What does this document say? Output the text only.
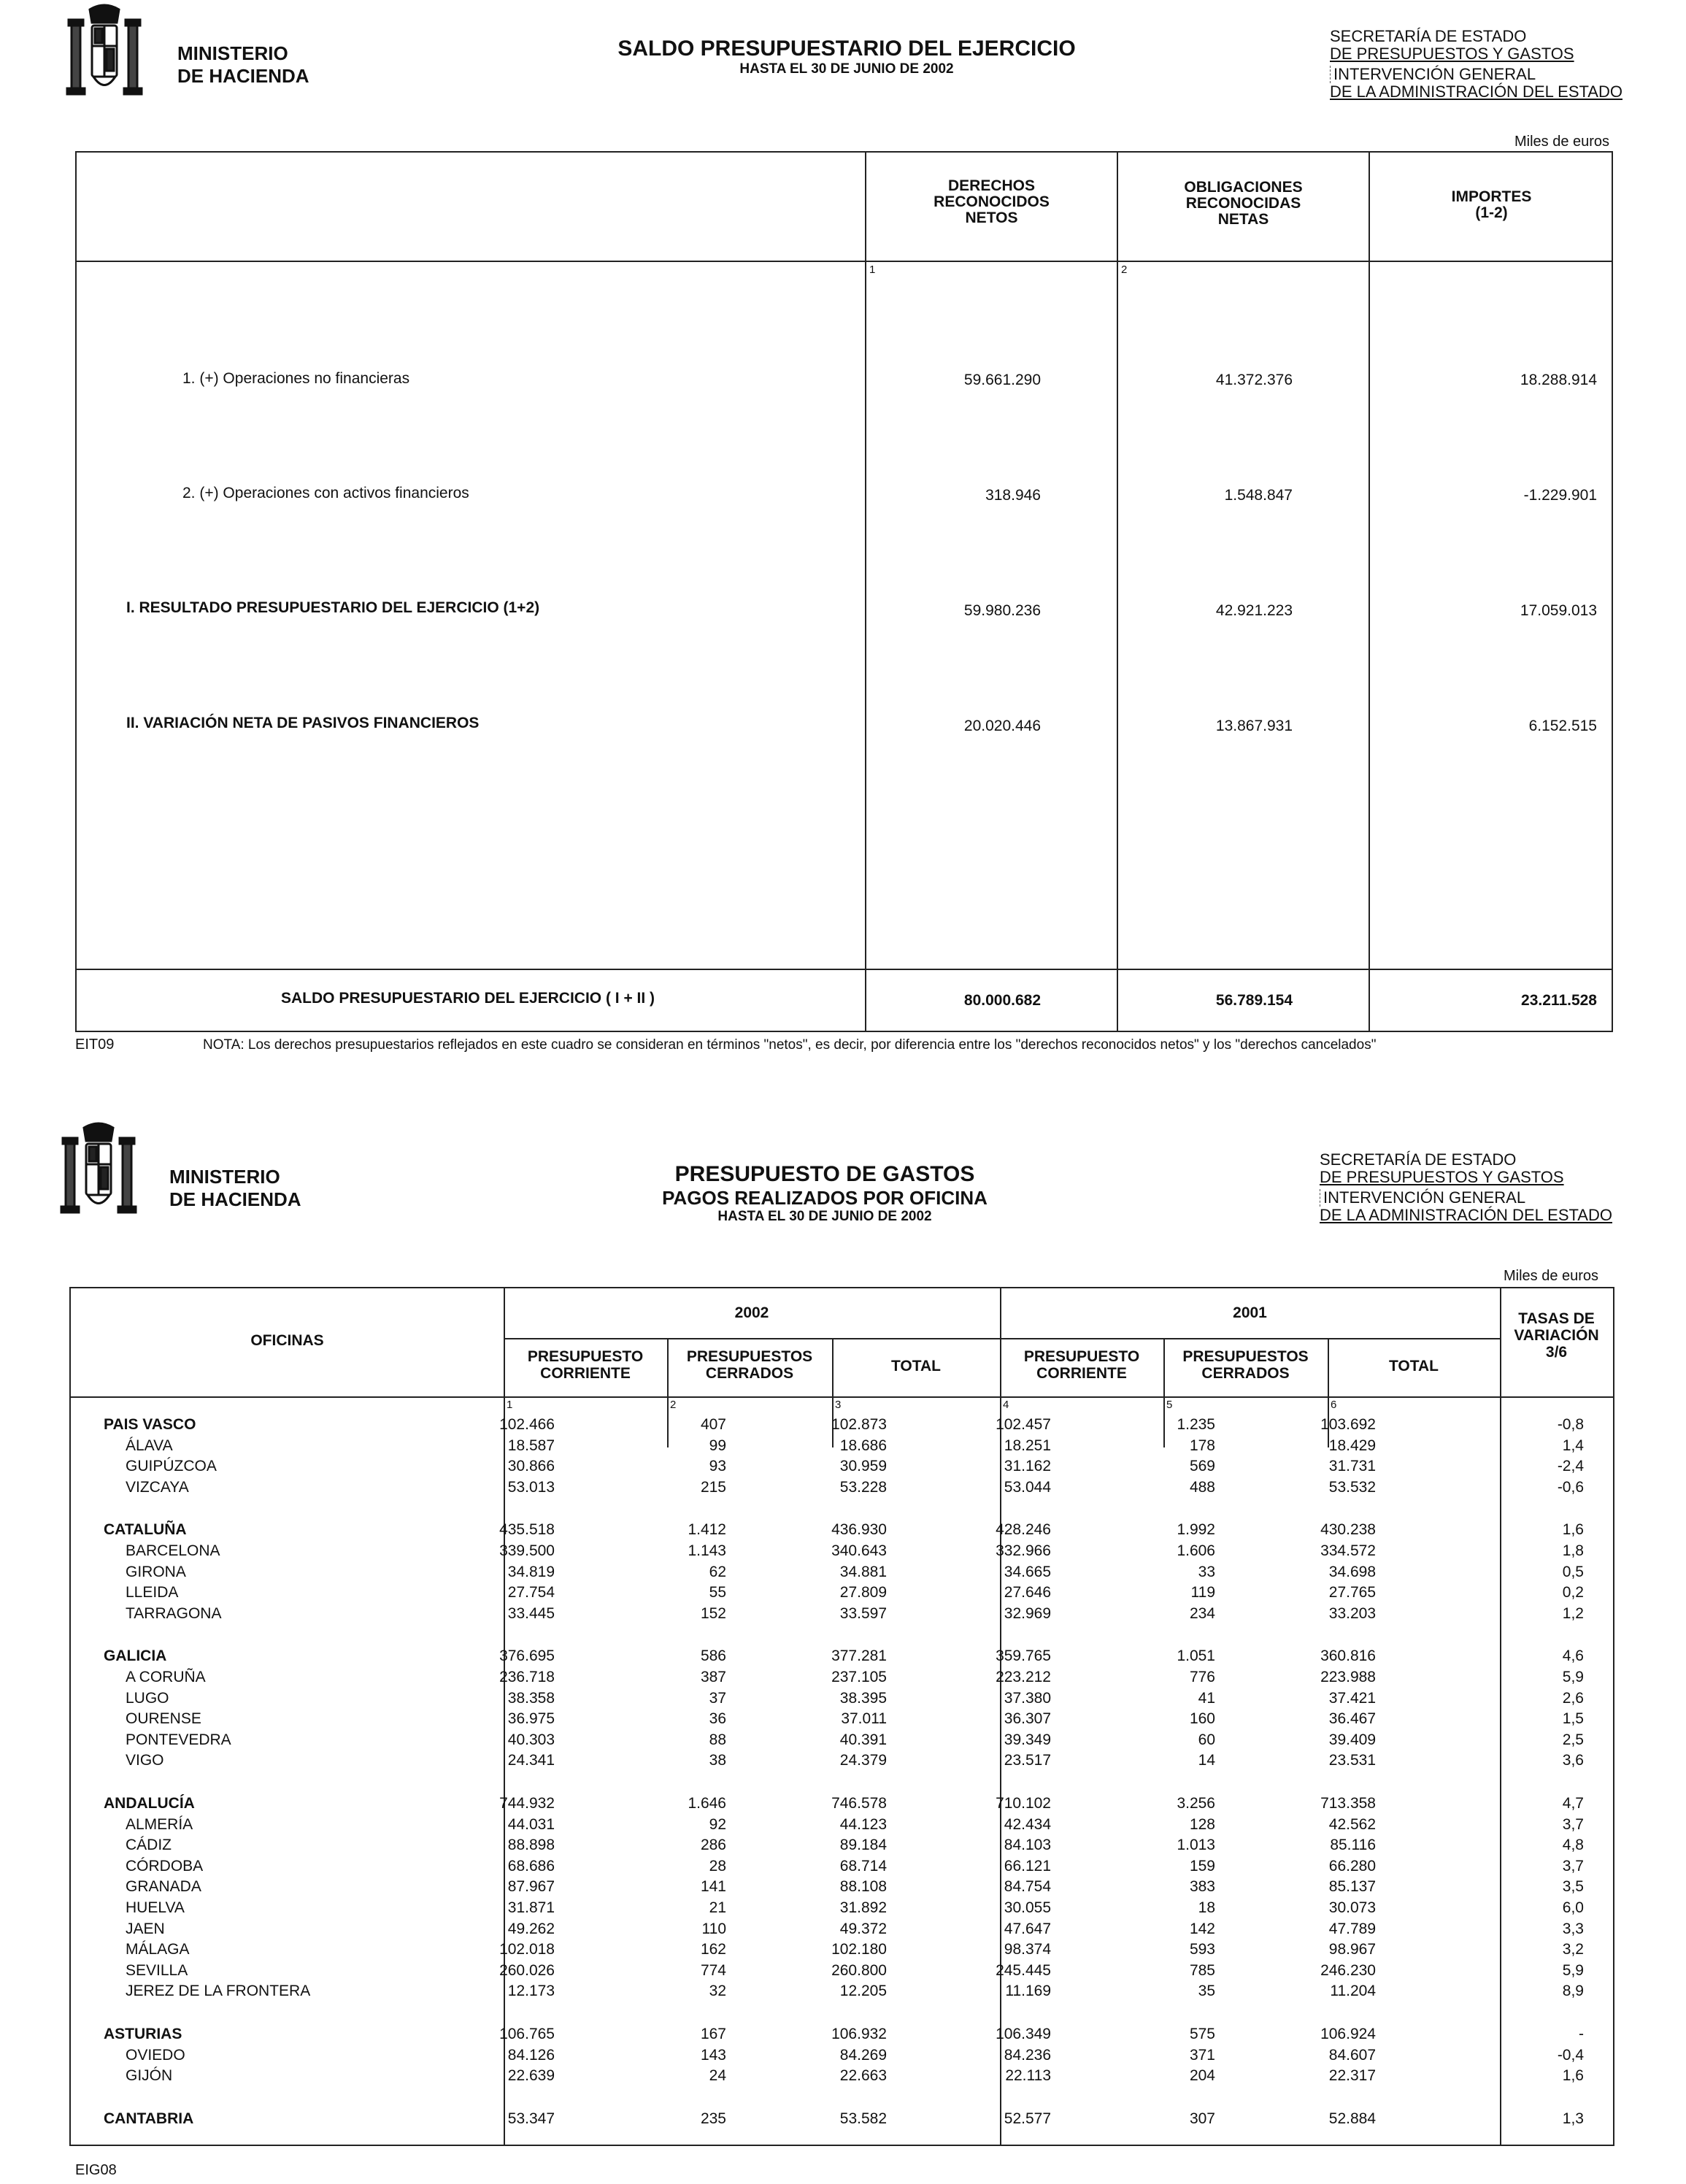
MINISTERIO
DE HACIENDA
SALDO PRESUPUESTARIO DEL EJERCICIO
HASTA EL 30 DE JUNIO DE 2002
SECRETARÍA DE ESTADO
DE PRESUPUESTOS Y GASTOS
INTERVENCIÓN GENERAL
DE LA ADMINISTRACIÓN DEL ESTADO
Miles de euros
DERECHOS
RECONOCIDOS
NETOS
OBLIGACIONES
RECONOCIDAS
NETAS
IMPORTES
(1-2)
1	2
1. (+) Operaciones no financieras	59.661.290	41.372.376	18.288.914
2. (+) Operaciones con activos financieros	318.946	1.548.847	-1.229.901
I. RESULTADO PRESUPUESTARIO DEL EJERCICIO (1+2)	59.980.236	42.921.223	17.059.013
II. VARIACIÓN NETA DE PASIVOS FINANCIEROS	20.020.446	13.867.931	6.152.515
SALDO PRESUPUESTARIO DEL EJERCICIO ( I + II )	80.000.682	56.789.154	23.211.528
EIT09	NOTA: Los derechos presupuestarios reflejados en este cuadro se consideran en términos "netos", es decir, por diferencia entre los "derechos reconocidos netos" y los "derechos cancelados"
MINISTERIO
DE HACIENDA
PRESUPUESTO DE GASTOS
PAGOS REALIZADOS POR OFICINA
HASTA EL 30 DE JUNIO DE 2002
SECRETARÍA DE ESTADO
DE PRESUPUESTOS Y GASTOS
INTERVENCIÓN GENERAL
DE LA ADMINISTRACIÓN DEL ESTADO
Miles de euros
OFICINAS
2002	2001	TASAS DE
VARIACIÓN
3/6
PRESUPUESTO
CORRIENTE
PRESUPUESTOS
CERRADOS	TOTAL
PRESUPUESTO
CORRIENTE
PRESUPUESTOS
CERRADOS	TOTAL
1	2	3	4	5	6
PAIS VASCO	102.466	407	102.873	102.457	1.235	103.692	-0,8
ÁLAVA	18.587	99	18.686	18.251	178	18.429	1,4
GUIPÚZCOA	30.866	93	30.959	31.162	569	31.731	-2,4
VIZCAYA	53.013	215	53.228	53.044	488	53.532	-0,6
CATALUÑA	435.518	1.412	436.930	428.246	1.992	430.238	1,6
BARCELONA	339.500	1.143	340.643	332.966	1.606	334.572	1,8
GIRONA	34.819	62	34.881	34.665	33	34.698	0,5
LLEIDA	27.754	55	27.809	27.646	119	27.765	0,2
TARRAGONA	33.445	152	33.597	32.969	234	33.203	1,2
GALICIA	376.695	586	377.281	359.765	1.051	360.816	4,6
A CORUÑA	236.718	387	237.105	223.212	776	223.988	5,9
LUGO	38.358	37	38.395	37.380	41	37.421	2,6
OURENSE	36.975	36	37.011	36.307	160	36.467	1,5
PONTEVEDRA	40.303	88	40.391	39.349	60	39.409	2,5
VIGO	24.341	38	24.379	23.517	14	23.531	3,6
ANDALUCÍA	744.932	1.646	746.578	710.102	3.256	713.358	4,7
ALMERÍA	44.031	92	44.123	42.434	128	42.562	3,7
CÁDIZ	88.898	286	89.184	84.103	1.013	85.116	4,8
CÓRDOBA	68.686	28	68.714	66.121	159	66.280	3,7
GRANADA	87.967	141	88.108	84.754	383	85.137	3,5
HUELVA	31.871	21	31.892	30.055	18	30.073	6,0
JAEN	49.262	110	49.372	47.647	142	47.789	3,3
MÁLAGA	102.018	162	102.180	98.374	593	98.967	3,2
SEVILLA	260.026	774	260.800	245.445	785	246.230	5,9
JEREZ DE LA FRONTERA	12.173	32	12.205	11.169	35	11.204	8,9
ASTURIAS	106.765	167	106.932	106.349	575	106.924	-
OVIEDO	84.126	143	84.269	84.236	371	84.607	-0,4
GIJÓN	22.639	24	22.663	22.113	204	22.317	1,6
CANTABRIA	53.347	235	53.582	52.577	307	52.884	1,3
EIG08
